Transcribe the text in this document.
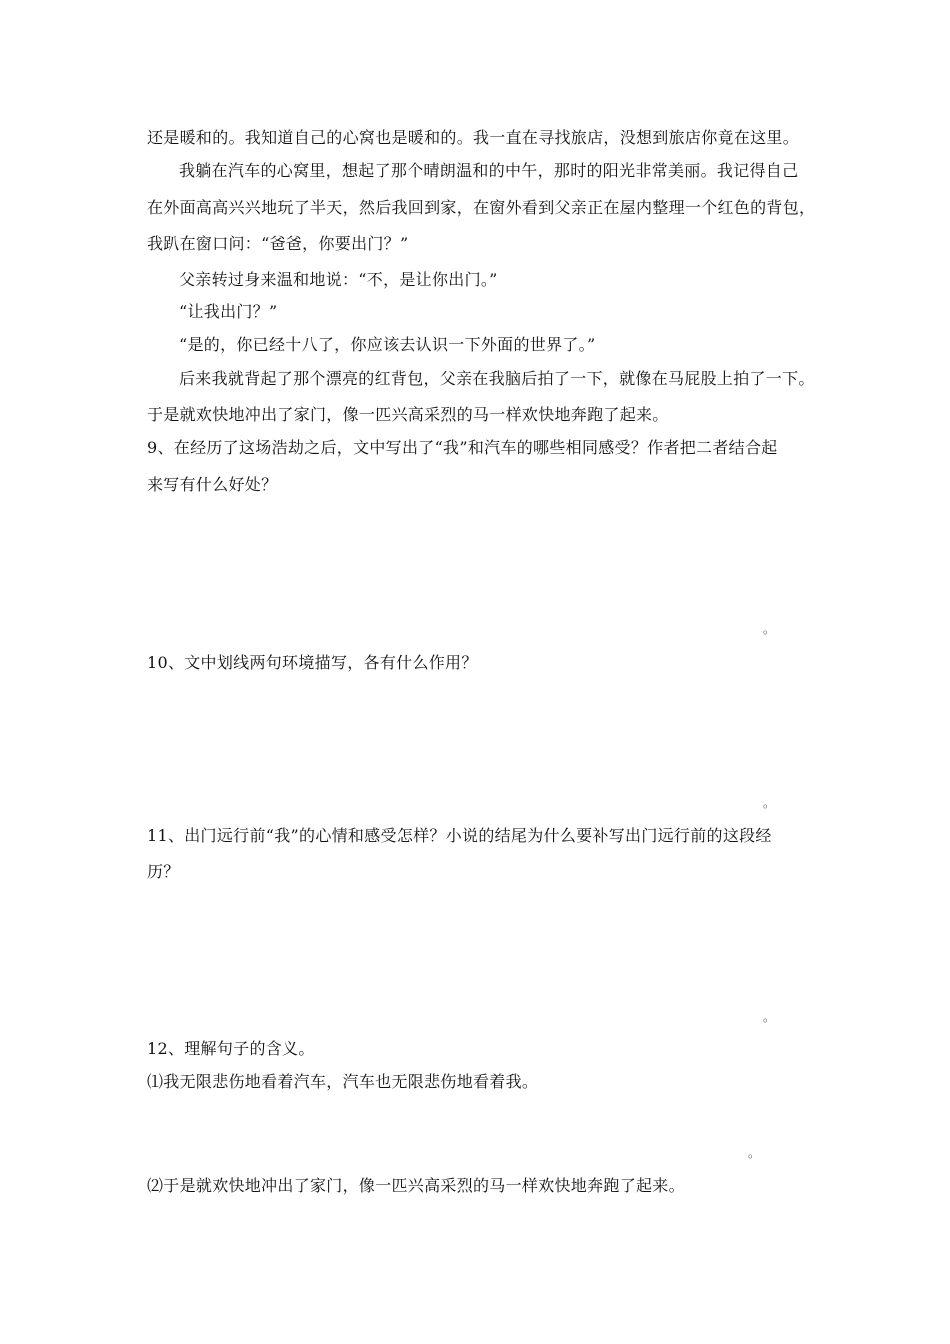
还是暖和的。我知道自己的心窝也是暖和的。我一直在寻找旅店，没想到旅店你竟在这里。
我躺在汽车的心窝里，想起了那个晴朗温和的中午，那时的阳光非常美丽。我记得自己
在外面高高兴兴地玩了半天，然后我回到家，在窗外看到父亲正在屋内整理一个红色的背包，
我趴在窗口问：“爸爸，你要出门？”
父亲转过身来温和地说：“不，是让你出门。”
“让我出门？”
“是的，你已经十八了，你应该去认识一下外面的世界了。”
后来我就背起了那个漂亮的红背包，父亲在我脑后拍了一下，就像在马屁股上拍了一下。
于是就欢快地冲出了家门，像一匹兴高采烈的马一样欢快地奔跑了起来。
9、在经历了这场浩劫之后，文中写出了“我”和汽车的哪些相同感受？作者把二者结合起
来写有什么好处？
。
10、文中划线两句环境描写，各有什么作用？
。
11、出门远行前“我”的心情和感受怎样？小说的结尾为什么要补写出门远行前的这段经
历？
。
12、理解句子的含义。
⑴我无限悲伤地看着汽车，汽车也无限悲伤地看着我。
。
⑵于是就欢快地冲出了家门，像一匹兴高采烈的马一样欢快地奔跑了起来。
